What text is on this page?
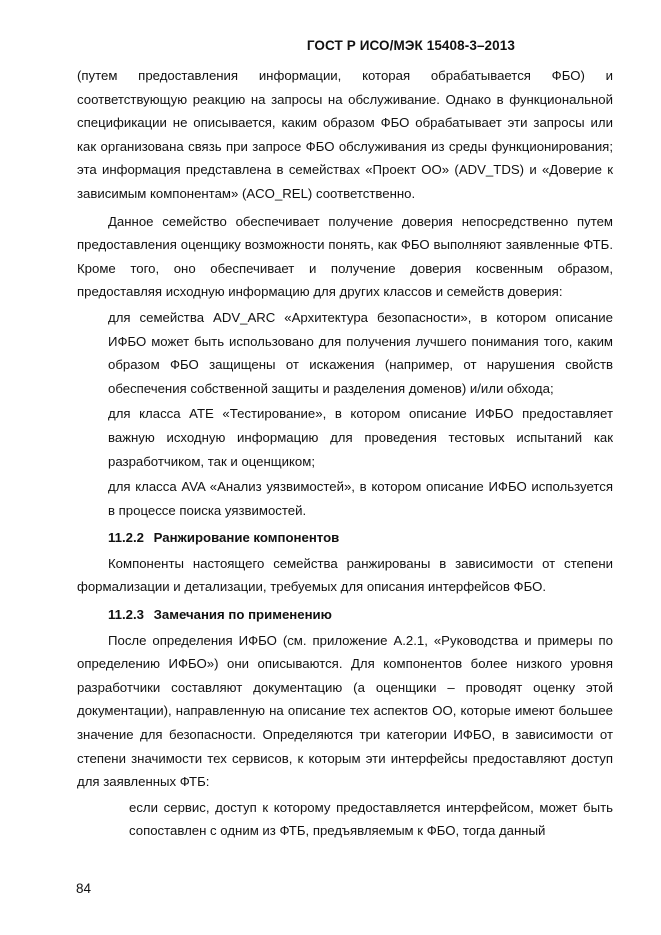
ГОСТ Р ИСО/МЭК 15408-3–2013

(путем предоставления информации, которая обрабатывается ФБО) и соответствующую реакцию на запросы на обслуживание. Однако в функциональной спецификации не описывается, каким образом ФБО обрабатывает эти запросы или как организована связь при запросе ФБО обслуживания из среды функционирования; эта информация представлена в семействах «Проект ОО» (ADV_TDS) и «Доверие к зависимым компонентам» (ACO_REL) соответственно.

Данное семейство обеспечивает получение доверия непосредственно путем предоставления оценщику возможности понять, как ФБО выполняют заявленные ФТБ. Кроме того, оно обеспечивает и получение доверия косвенным образом, предоставляя исходную информацию для других классов и семейств доверия:

для семейства ADV_ARC «Архитектура безопасности», в котором описание ИФБО может быть использовано для получения лучшего понимания того, каким образом ФБО защищены от искажения (например, от нарушения свойств обеспечения собственной защиты и разделения доменов) и/или обхода;

для класса ATE «Тестирование», в котором описание ИФБО предоставляет важную исходную информацию для проведения тестовых испытаний как разработчиком, так и оценщиком;

для класса AVA «Анализ уязвимостей», в котором описание ИФБО используется в процессе поиска уязвимостей.

11.2.2 Ранжирование компонентов

Компоненты настоящего семейства ранжированы в зависимости от степени формализации и детализации, требуемых для описания интерфейсов ФБО.

11.2.3 Замечания по применению

После определения ИФБО (см. приложение А.2.1, «Руководства и примеры по определению ИФБО») они описываются. Для компонентов более низкого уровня разработчики составляют документацию (а оценщики – проводят оценку этой документации), направленную на описание тех аспектов ОО, которые имеют большее значение для безопасности. Определяются три категории ИФБО, в зависимости от степени значимости тех сервисов, к которым эти интерфейсы предоставляют доступ для заявленных ФТБ:

если сервис, доступ к которому предоставляется интерфейсом, может быть сопоставлен с одним из ФТБ, предъявляемым к ФБО, тогда данный

84
